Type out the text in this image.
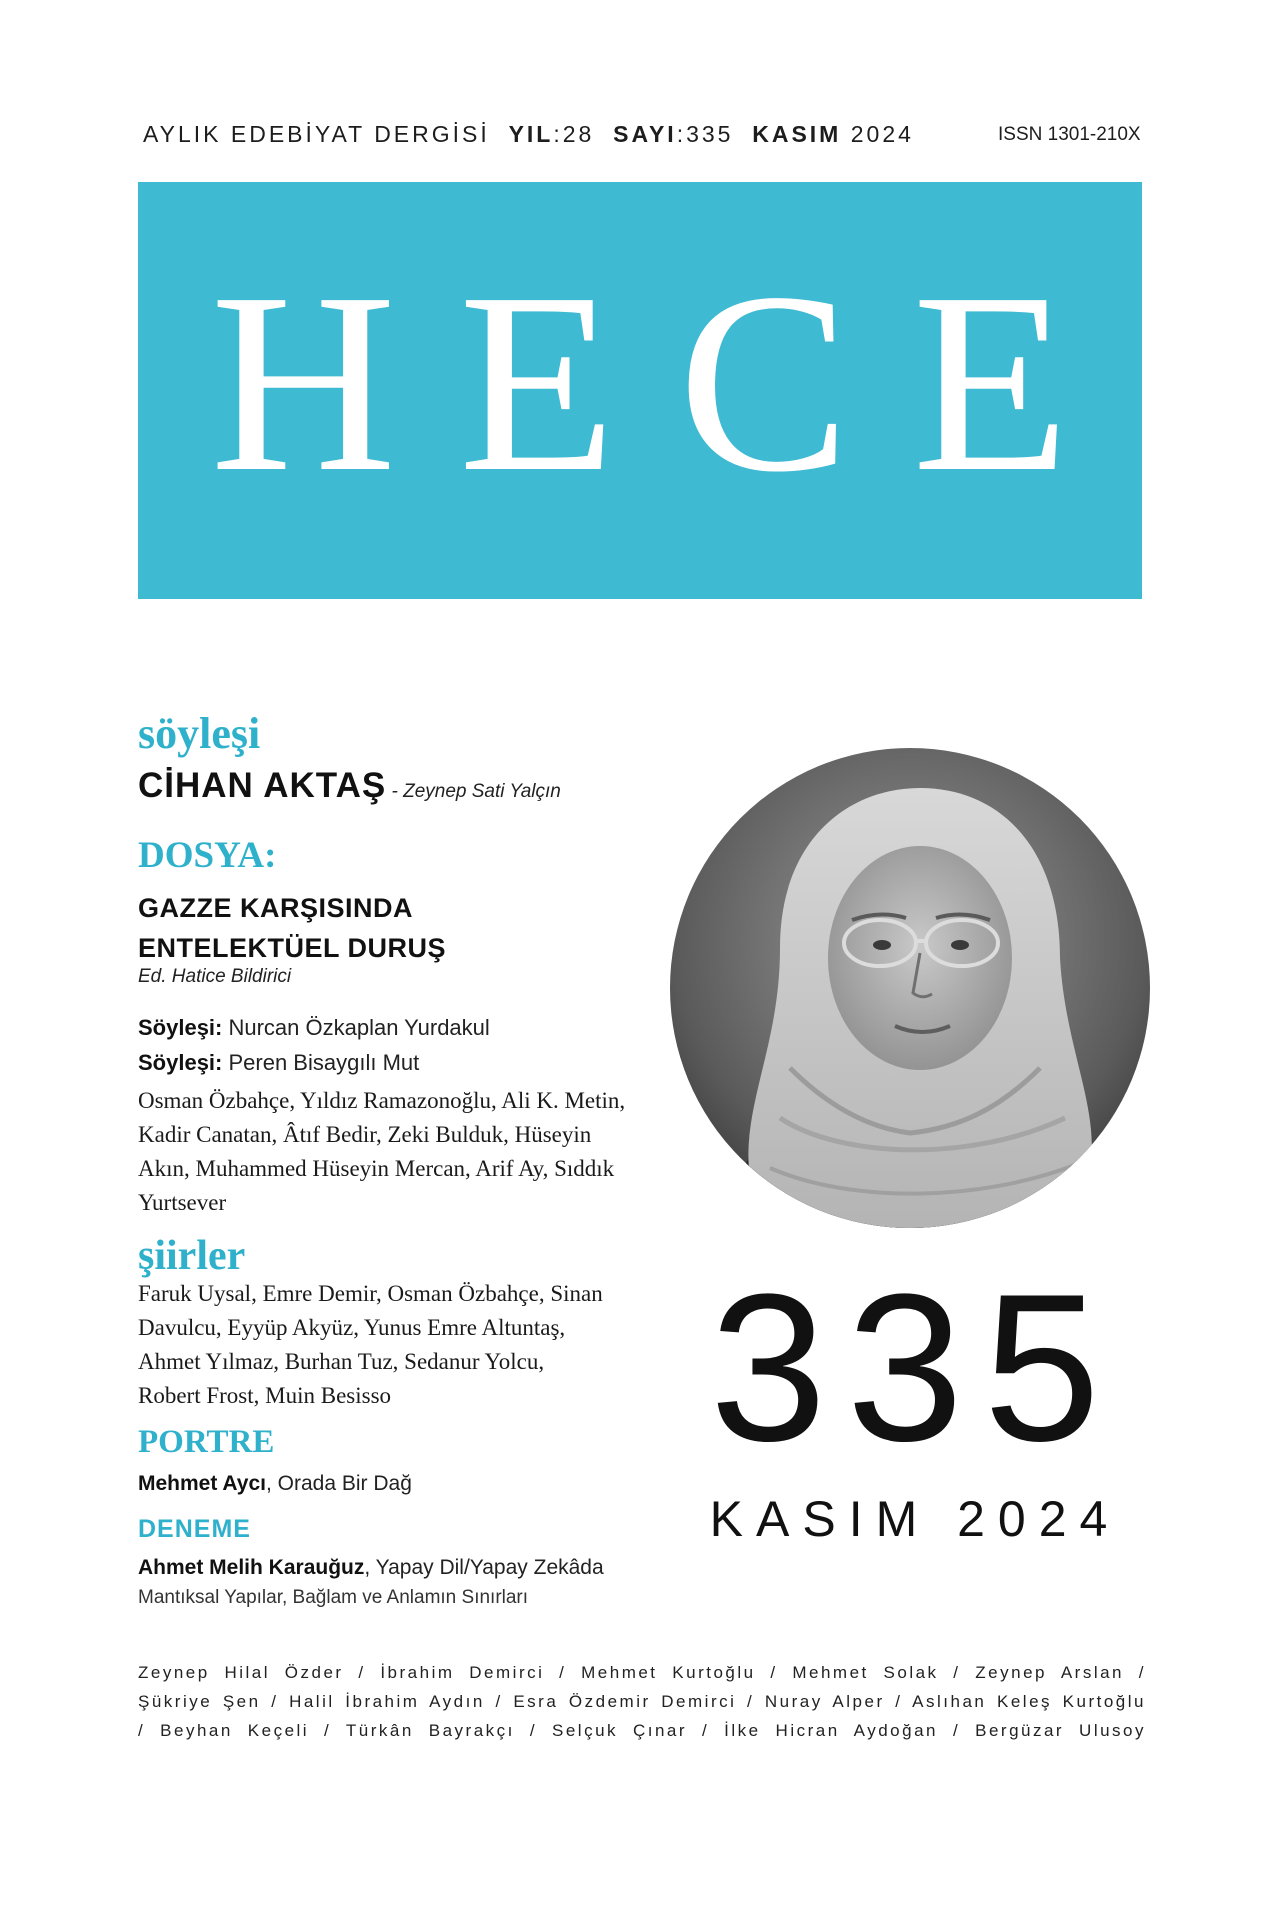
AYLIK EDEBİYAT DERGİSİ YIL:28 SAYI:335 KASIM 2024	ISSN 1301-210X
HECE
söyleşi
CİHAN AKTAŞ - Zeynep Sati Yalçın
DOSYA:
GAZZE KARŞISINDA
ENTELEKTÜEL DURUŞ
Ed. Hatice Bildirici
Söyleşi: Nurcan Özkaplan Yurdakul
Söyleşi: Peren Bisaygılı Mut
Osman Özbahçe, Yıldız Ramazonoğlu, Ali K. Metin, Kadir Canatan, Âtıf Bedir, Zeki Bulduk, Hüseyin Akın, Muhammed Hüseyin Mercan, Arif Ay, Sıddık Yurtsever
şiirler
Faruk Uysal, Emre Demir, Osman Özbahçe, Sinan Davulcu, Eyyüp Akyüz, Yunus Emre Altuntaş, Ahmet Yılmaz, Burhan Tuz, Sedanur Yolcu, Robert Frost, Muin Besisso
PORTRE
Mehmet Aycı, Orada Bir Dağ
DENEME
Ahmet Melih Karauğuz, Yapay Dil/Yapay Zekâda
Mantıksal Yapılar, Bağlam ve Anlamın Sınırları
335
KASIM 2024
Zeynep Hilal Özder / İbrahim Demirci / Mehmet Kurtoğlu / Mehmet Solak / Zeynep Arslan /
Şükriye Şen / Halil İbrahim Aydın / Esra Özdemir Demirci / Nuray Alper / Aslıhan Keleş Kurtoğlu
/ Beyhan Keçeli / Türkân Bayrakçı / Selçuk Çınar / İlke Hicran Aydoğan / Bergüzar Ulusoy
